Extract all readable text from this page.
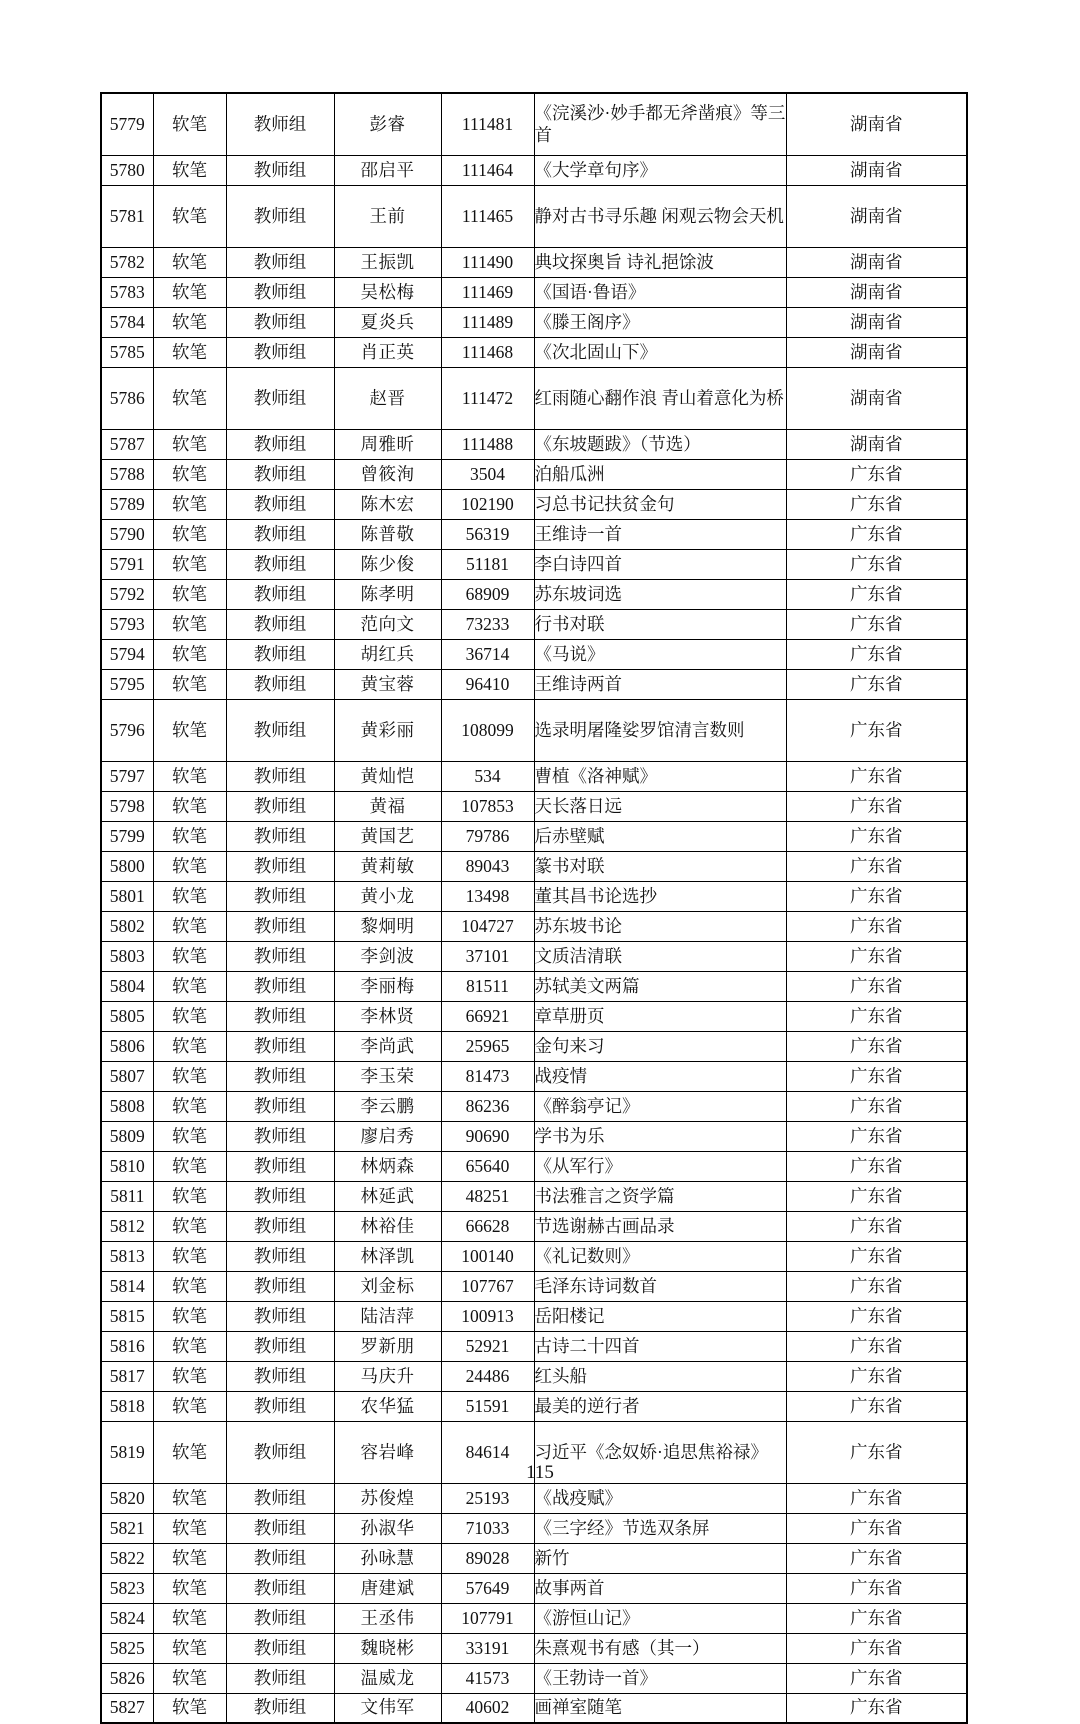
5779	软笔	教师组	彭睿	111481	《浣溪沙·妙手都无斧凿痕》等三首	湖南省

5780	软笔	教师组	邵启平	111464	《大学章句序》	湖南省

5781	软笔	教师组	王前	111465	静对古书寻乐趣 闲观云物会天机	湖南省

5782	软笔	教师组	王振凯	111490	典坟探奥旨 诗礼挹馀波	湖南省

5783	软笔	教师组	吴松梅	111469	《国语·鲁语》	湖南省

5784	软笔	教师组	夏炎兵	111489	《滕王阁序》	湖南省

5785	软笔	教师组	肖正英	111468	《次北固山下》	湖南省

5786	软笔	教师组	赵晋	111472	红雨随心翻作浪 青山着意化为桥	湖南省

5787	软笔	教师组	周雅昕	111488	《东坡题跋》（节选）	湖南省

5788	软笔	教师组	曾筱洵	3504	泊船瓜洲	广东省

5789	软笔	教师组	陈木宏	102190	习总书记扶贫金句	广东省

5790	软笔	教师组	陈普敬	56319	王维诗一首	广东省

5791	软笔	教师组	陈少俊	51181	李白诗四首	广东省

5792	软笔	教师组	陈孝明	68909	苏东坡词选	广东省

5793	软笔	教师组	范向文	73233	行书对联	广东省

5794	软笔	教师组	胡红兵	36714	《马说》	广东省

5795	软笔	教师组	黄宝蓉	96410	王维诗两首	广东省

5796	软笔	教师组	黄彩丽	108099	选录明屠隆娑罗馆清言数则	广东省

5797	软笔	教师组	黄灿恺	534	曹植《洛神赋》	广东省

5798	软笔	教师组	黄福	107853	天长落日远	广东省

5799	软笔	教师组	黄国艺	79786	后赤壁赋	广东省

5800	软笔	教师组	黄莉敏	89043	篆书对联	广东省

5801	软笔	教师组	黄小龙	13498	董其昌书论选抄	广东省

5802	软笔	教师组	黎炯明	104727	苏东坡书论	广东省

5803	软笔	教师组	李剑波	37101	文质洁清联	广东省

5804	软笔	教师组	李丽梅	81511	苏轼美文两篇	广东省

5805	软笔	教师组	李林贤	66921	章草册页	广东省

5806	软笔	教师组	李尚武	25965	金句来习	广东省

5807	软笔	教师组	李玉荣	81473	战疫情	广东省

5808	软笔	教师组	李云鹏	86236	《醉翁亭记》	广东省

5809	软笔	教师组	廖启秀	90690	学书为乐	广东省

5810	软笔	教师组	林炳森	65640	《从军行》	广东省

5811	软笔	教师组	林延武	48251	书法雅言之资学篇	广东省

5812	软笔	教师组	林裕佳	66628	节选谢赫古画品录	广东省

5813	软笔	教师组	林泽凯	100140	《礼记数则》	广东省

5814	软笔	教师组	刘金标	107767	毛泽东诗词数首	广东省

5815	软笔	教师组	陆洁萍	100913	岳阳楼记	广东省

5816	软笔	教师组	罗新朋	52921	古诗二十四首	广东省

5817	软笔	教师组	马庆升	24486	红头船	广东省

5818	软笔	教师组	农华猛	51591	最美的逆行者	广东省

5819	软笔	教师组	容岩峰	84614	习近平《念奴娇·追思焦裕禄》	广东省

5820	软笔	教师组	苏俊煌	25193	《战疫赋》	广东省

5821	软笔	教师组	孙淑华	71033	《三字经》节选双条屏	广东省

5822	软笔	教师组	孙咏慧	89028	新竹	广东省

5823	软笔	教师组	唐建斌	57649	故事两首	广东省

5824	软笔	教师组	王丞伟	107791	《游恒山记》	广东省

5825	软笔	教师组	魏晓彬	33191	朱熹观书有感（其一）	广东省

5826	软笔	教师组	温威龙	41573	《王勃诗一首》	广东省

5827	软笔	教师组	文伟军	40602	画禅室随笔	广东省
115
